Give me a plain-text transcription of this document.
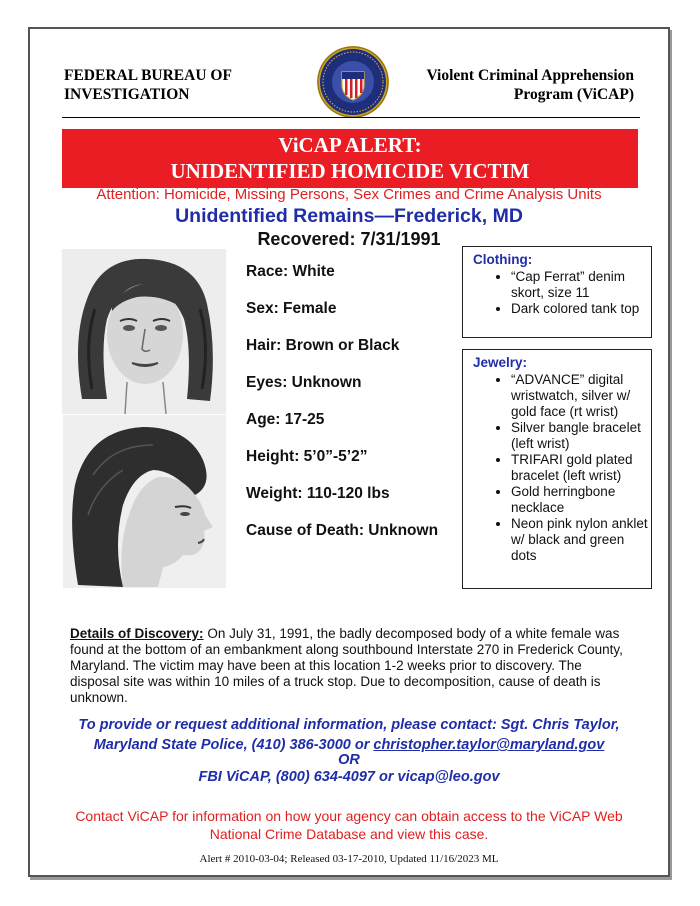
FEDERAL BUREAU OF
INVESTIGATION
Violent Criminal Apprehension
Program (ViCAP)
ViCAP ALERT:
UNIDENTIFIED HOMICIDE VICTIM
Attention: Homicide, Missing Persons, Sex Crimes and Crime Analysis Units
Unidentified Remains—Frederick, MD
Recovered: 7/31/1991
Race: White
Sex: Female
Hair: Brown or Black
Eyes: Unknown
Age: 17-25
Height: 5’0”-5’2”
Weight: 110-120 lbs
Cause of Death: Unknown
Clothing:
• “Cap Ferrat” denim skort, size 11
• Dark colored tank top
Jewelry:
• “ADVANCE” digital wristwatch, silver w/ gold face (rt wrist)
• Silver bangle bracelet (left wrist)
• TRIFARI gold plated bracelet (left wrist)
• Gold herringbone necklace
• Neon pink nylon anklet w/ black and green dots
Details of Discovery: On July 31, 1991, the badly decomposed body of a white female was found at the bottom of an embankment along southbound Interstate 270 in Frederick County, Maryland. The victim may have been at this location 1-2 weeks prior to discovery. The disposal site was within 10 miles of a truck stop. Due to decomposition, cause of death is unknown.
To provide or request additional information, please contact: Sgt. Chris Taylor,
Maryland State Police, (410) 386-3000 or christopher.taylor@maryland.gov
OR
FBI ViCAP, (800) 634-4097 or vicap@leo.gov
Contact ViCAP for information on how your agency can obtain access to the ViCAP Web
National Crime Database and view this case.
Alert # 2010-03-04; Released 03-17-2010, Updated 11/16/2023 ML
